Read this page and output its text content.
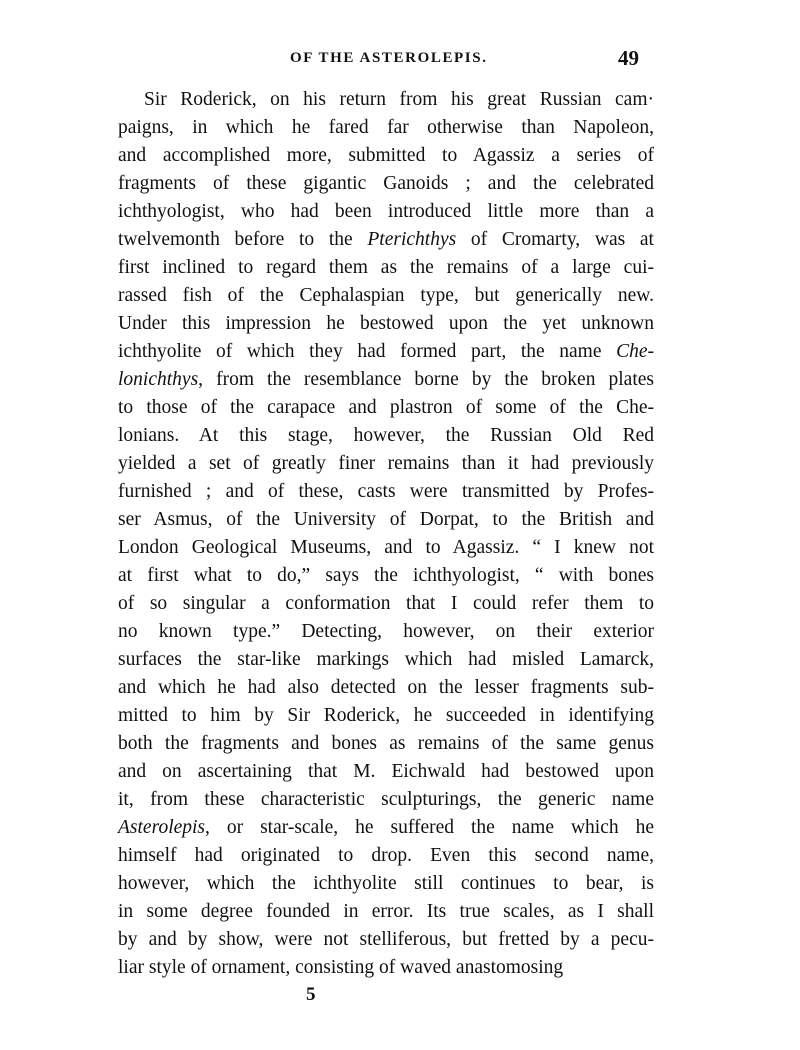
OF THE ASTEROLEPIS.	49
Sir Roderick, on his return from his great Russian cam·
paigns, in which he fared far otherwise than Napoleon,
and accomplished more, submitted to Agassiz a series of
fragments of these gigantic Ganoids ; and the celebrated
ichthyologist, who had been introduced little more than a
twelvemonth before to the Pterichthys of Cromarty, was at
first inclined to regard them as the remains of a large cui-
rassed fish of the Cephalaspian type, but generically new.
Under this impression he bestowed upon the yet unknown
ichthyolite of which they had formed part, the name Che-
lonichthys, from the resemblance borne by the broken plates
to those of the carapace and plastron of some of the Che-
lonians. At this stage, however, the Russian Old Red
yielded a set of greatly finer remains than it had previously
furnished ; and of these, casts were transmitted by Profes-
ser Asmus, of the University of Dorpat, to the British and
London Geological Museums, and to Agassiz. “ I knew not
at first what to do,” says the ichthyologist, “ with bones
of so singular a conformation that I could refer them to
no known type.” Detecting, however, on their exterior
surfaces the star-like markings which had misled Lamarck,
and which he had also detected on the lesser fragments sub-
mitted to him by Sir Roderick, he succeeded in identifying
both the fragments and bones as remains of the same genus
and on ascertaining that M. Eichwald had bestowed upon
it, from these characteristic sculpturings, the generic name
Asterolepis, or star-scale, he suffered the name which he
himself had originated to drop. Even this second name,
however, which the ichthyolite still continues to bear, is
in some degree founded in error. Its true scales, as I shall
by and by show, were not stelliferous, but fretted by a pecu-
liar style of ornament, consisting of waved anastomosing
5
